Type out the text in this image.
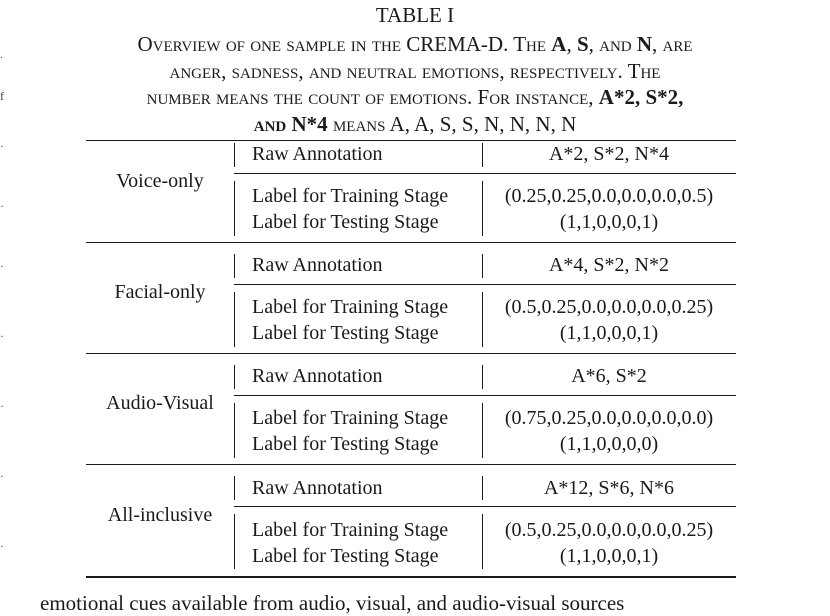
TABLE I
Overview of one sample in the CREMA-D. The A, S, and N, are
anger, sadness, and neutral emotions, respectively. The
number means the count of emotions. For instance, A*2, S*2,
and N*4 means A, A, S, S, N, N, N, N
.
f
·
·
·
·
·
·
·
Voice-only
Raw Annotation	A*2, S*2, N*4
Label for Training Stage	(0.25,0.25,0.0,0.0,0.0,0.5)
Label for Testing Stage	(1,1,0,0,0,1)
Facial-only
Raw Annotation	A*4, S*2, N*2
Label for Training Stage	(0.5,0.25,0.0,0.0,0.0,0.25)
Label for Testing Stage	(1,1,0,0,0,1)
Audio-Visual
Raw Annotation	A*6, S*2
Label for Training Stage	(0.75,0.25,0.0,0.0,0.0,0.0)
Label for Testing Stage	(1,1,0,0,0,0)
All-inclusive
Raw Annotation	A*12, S*6, N*6
Label for Training Stage	(0.5,0.25,0.0,0.0,0.0,0.25)
Label for Testing Stage	(1,1,0,0,0,1)
emotional cues available from audio, visual, and audio-visual sources
